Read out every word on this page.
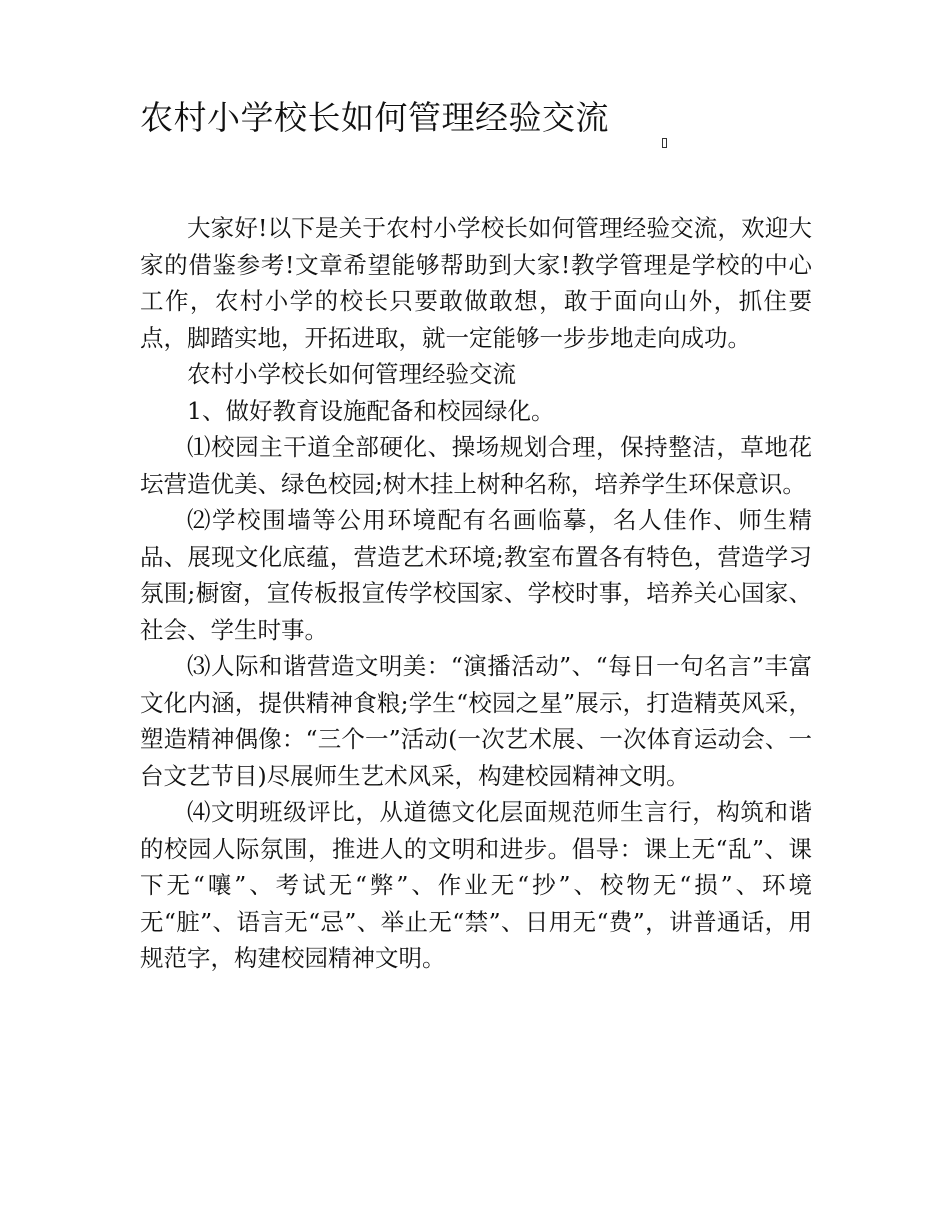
农村小学校长如何管理经验交流

大家好!以下是关于农村小学校长如何管理经验交流，欢迎大家的借鉴参考!文章希望能够帮助到大家!教学管理是学校的中心工作，农村小学的校长只要敢做敢想，敢于面向山外，抓住要点，脚踏实地，开拓进取，就一定能够一步步地走向成功。

农村小学校长如何管理经验交流

1、做好教育设施配备和校园绿化。

⑴校园主干道全部硬化、操场规划合理，保持整洁，草地花坛营造优美、绿色校园;树木挂上树种名称，培养学生环保意识。

⑵学校围墙等公用环境配有名画临摹，名人佳作、师生精品、展现文化底蕴，营造艺术环境;教室布置各有特色，营造学习氛围;橱窗，宣传板报宣传学校国家、学校时事，培养关心国家、社会、学生时事。

⑶人际和谐营造文明美：“演播活动”、“每日一句名言”丰富文化内涵，提供精神食粮;学生“校园之星”展示，打造精英风采，塑造精神偶像：“三个一”活动(一次艺术展、一次体育运动会、一台文艺节目)尽展师生艺术风采，构建校园精神文明。

⑷文明班级评比，从道德文化层面规范师生言行，构筑和谐的校园人际氛围，推进人的文明和进步。倡导：课上无“乱”、课下无“嚷”、考试无“弊”、作业无“抄”、校物无“损”、环境无“脏”、语言无“忌”、举止无“禁”、日用无“费”，讲普通话，用规范字，构建校园精神文明。
